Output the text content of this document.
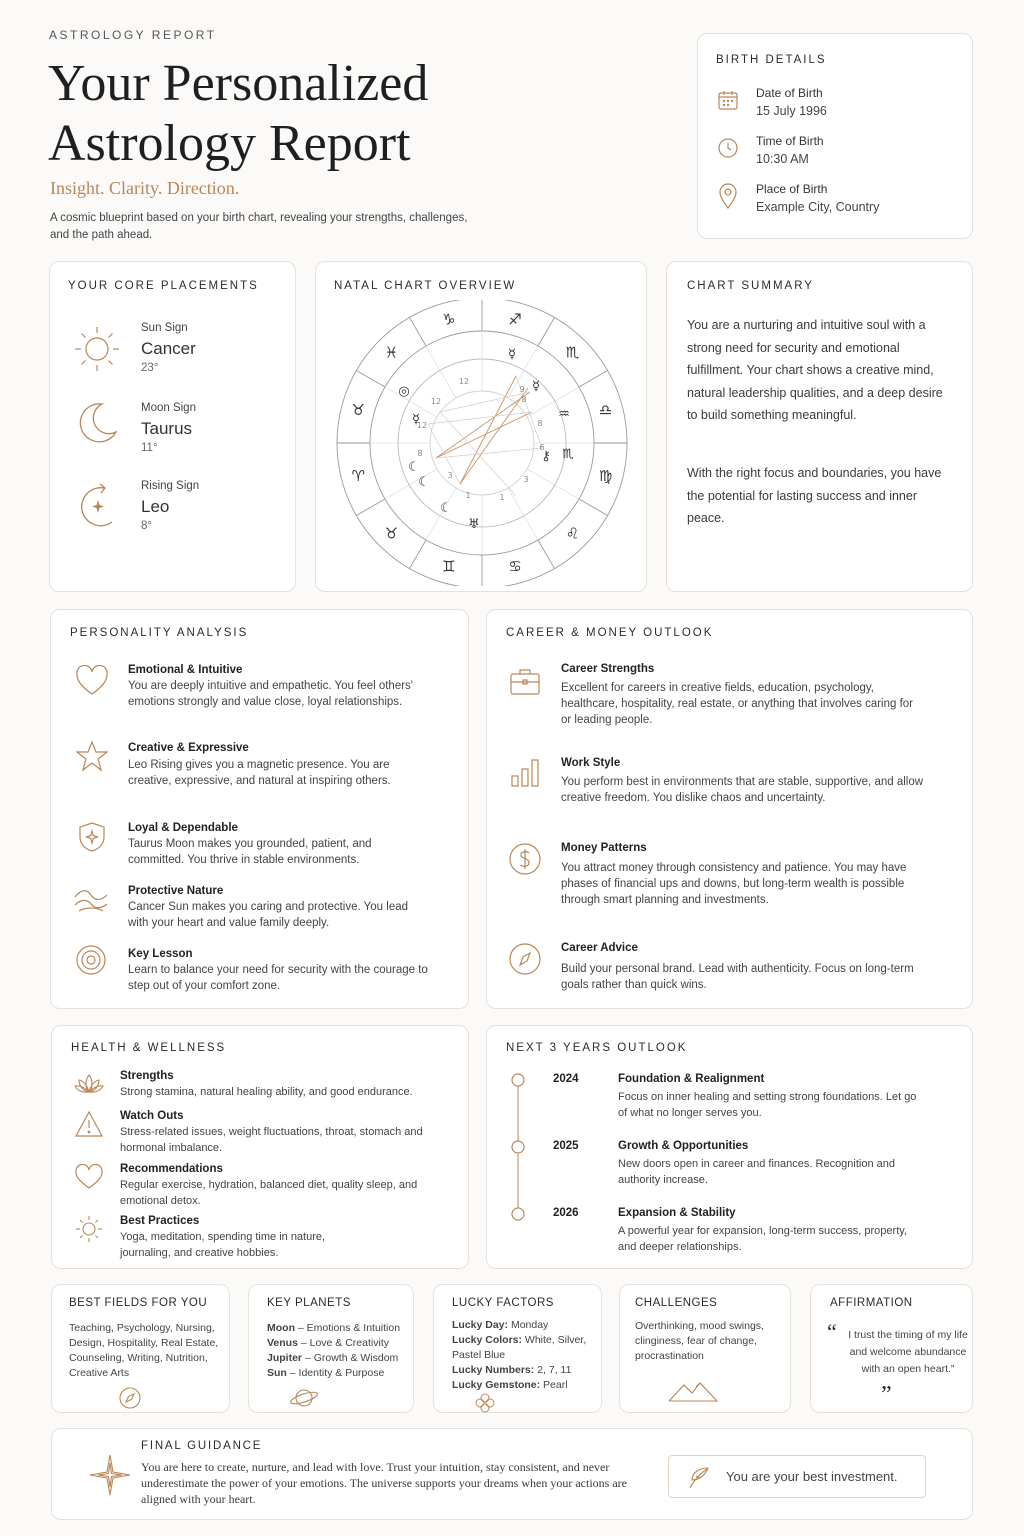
ASTROLOGY REPORT
Your Personalized Astrology Report
Insight. Clarity. Direction.
A cosmic blueprint based on your birth chart, revealing your strengths, challenges, and the path ahead.
BIRTH DETAILS
Date of Birth
15 July 1996
Time of Birth
10:30 AM
Place of Birth
Example City, Country
YOUR CORE PLACEMENTS
Sun Sign
Cancer
23°
Moon Sign
Taurus
11°
Rising Sign
Leo
8°
NATAL CHART OVERVIEW
♑	♐
♏
♎
♍
♌
♋
♊
♉
♈
♉
♓
◎
☿
☾
☾
☾
♅
☿
☿
♒
♏
⚷
12
12
12
9
8
8
8
6
3	3
1	1
CHART SUMMARY
You are a nurturing and intuitive soul with a strong need for security and emotional fulfillment. Your chart shows a creative mind, natural leadership qualities, and a deep desire to build something meaningful.
With the right focus and boundaries, you have the potential for lasting success and inner peace.
PERSONALITY ANALYSIS
Emotional & Intuitive
You are deeply intuitive and empathetic. You feel others' emotions strongly and value close, loyal relationships.
Creative & Expressive
Leo Rising gives you a magnetic presence. You are creative, expressive, and natural at inspiring others.
Loyal & Dependable
Taurus Moon makes you grounded, patient, and committed. You thrive in stable environments.
Protective Nature
Cancer Sun makes you caring and protective. You lead with your heart and value family deeply.
Key Lesson
Learn to balance your need for security with the courage to step out of your comfort zone.
CAREER & MONEY OUTLOOK
Career Strengths
Excellent for careers in creative fields, education, psychology, healthcare, hospitality, real estate, or anything that involves caring for or leading people.
Work Style
You perform best in environments that are stable, supportive, and allow creative freedom. You dislike chaos and uncertainty.
Money Patterns
You attract money through consistency and patience. You may have phases of financial ups and downs, but long-term wealth is possible through smart planning and investments.
Career Advice
Build your personal brand. Lead with authenticity. Focus on long-term goals rather than quick wins.
HEALTH & WELLNESS
Strengths
Strong stamina, natural healing ability, and good endurance.
Watch Outs
Stress-related issues, weight fluctuations, throat, stomach and hormonal imbalance.
Recommendations
Regular exercise, hydration, balanced diet, quality sleep, and emotional detox.
Best Practices
Yoga, meditation, spending time in nature, journaling, and creative hobbies.
NEXT 3 YEARS OUTLOOK
2024	Foundation & Realignment
Focus on inner healing and setting strong foundations. Let go of what no longer serves you.
2025	Growth & Opportunities
New doors open in career and finances. Recognition and authority increase.
2026	Expansion & Stability
A powerful year for expansion, long-term success, property, and deeper relationships.
BEST FIELDS FOR YOU
Teaching, Psychology, Nursing, Design, Hospitality, Real Estate, Counseling, Writing, Nutrition, Creative Arts
KEY PLANETS
Moon – Emotions & Intuition
Venus – Love & Creativity
Jupiter – Growth & Wisdom
Sun – Identity & Purpose
LUCKY FACTORS
Lucky Day: Monday
Lucky Colors: White, Silver, Pastel Blue
Lucky Numbers: 2, 7, 11
Lucky Gemstone: Pearl
CHALLENGES
Overthinking, mood swings, clinginess, fear of change, procrastination
AFFIRMATION
“	I trust the timing of my life and welcome abundance with an open heart.”
”
FINAL GUIDANCE
You are here to create, nurture, and lead with love. Trust your intuition, stay consistent, and never underestimate the power of your emotions. The universe supports your dreams when your actions are aligned with your heart.
You are your best investment.
